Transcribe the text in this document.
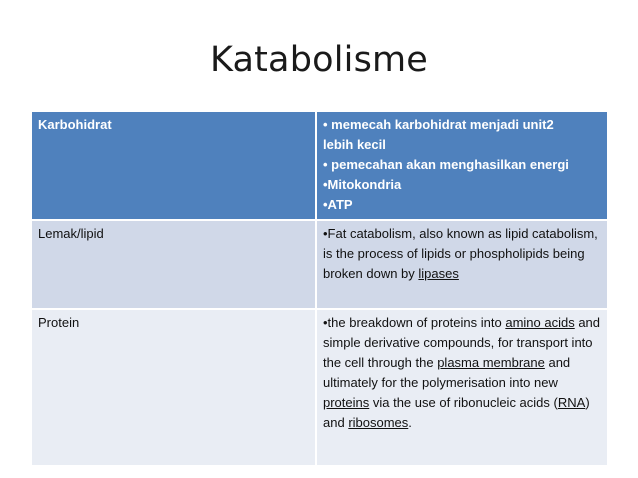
Katabolisme
Karbohidrat	• memecah karbohidrat menjadi unit2
lebih kecil
• pemecahan akan menghasilkan energi
•Mitokondria
•ATP

Lemak/lipid	•Fat catabolism, also known as lipid catabolism, is the process of lipids or phospholipids being broken down by lipases
Protein	•the breakdown of proteins into amino acids and simple derivative compounds, for transport into the cell through the plasma membrane and ultimately for the polymerisation into new proteins via the use of ribonucleic acids (RNA) and ribosomes.
